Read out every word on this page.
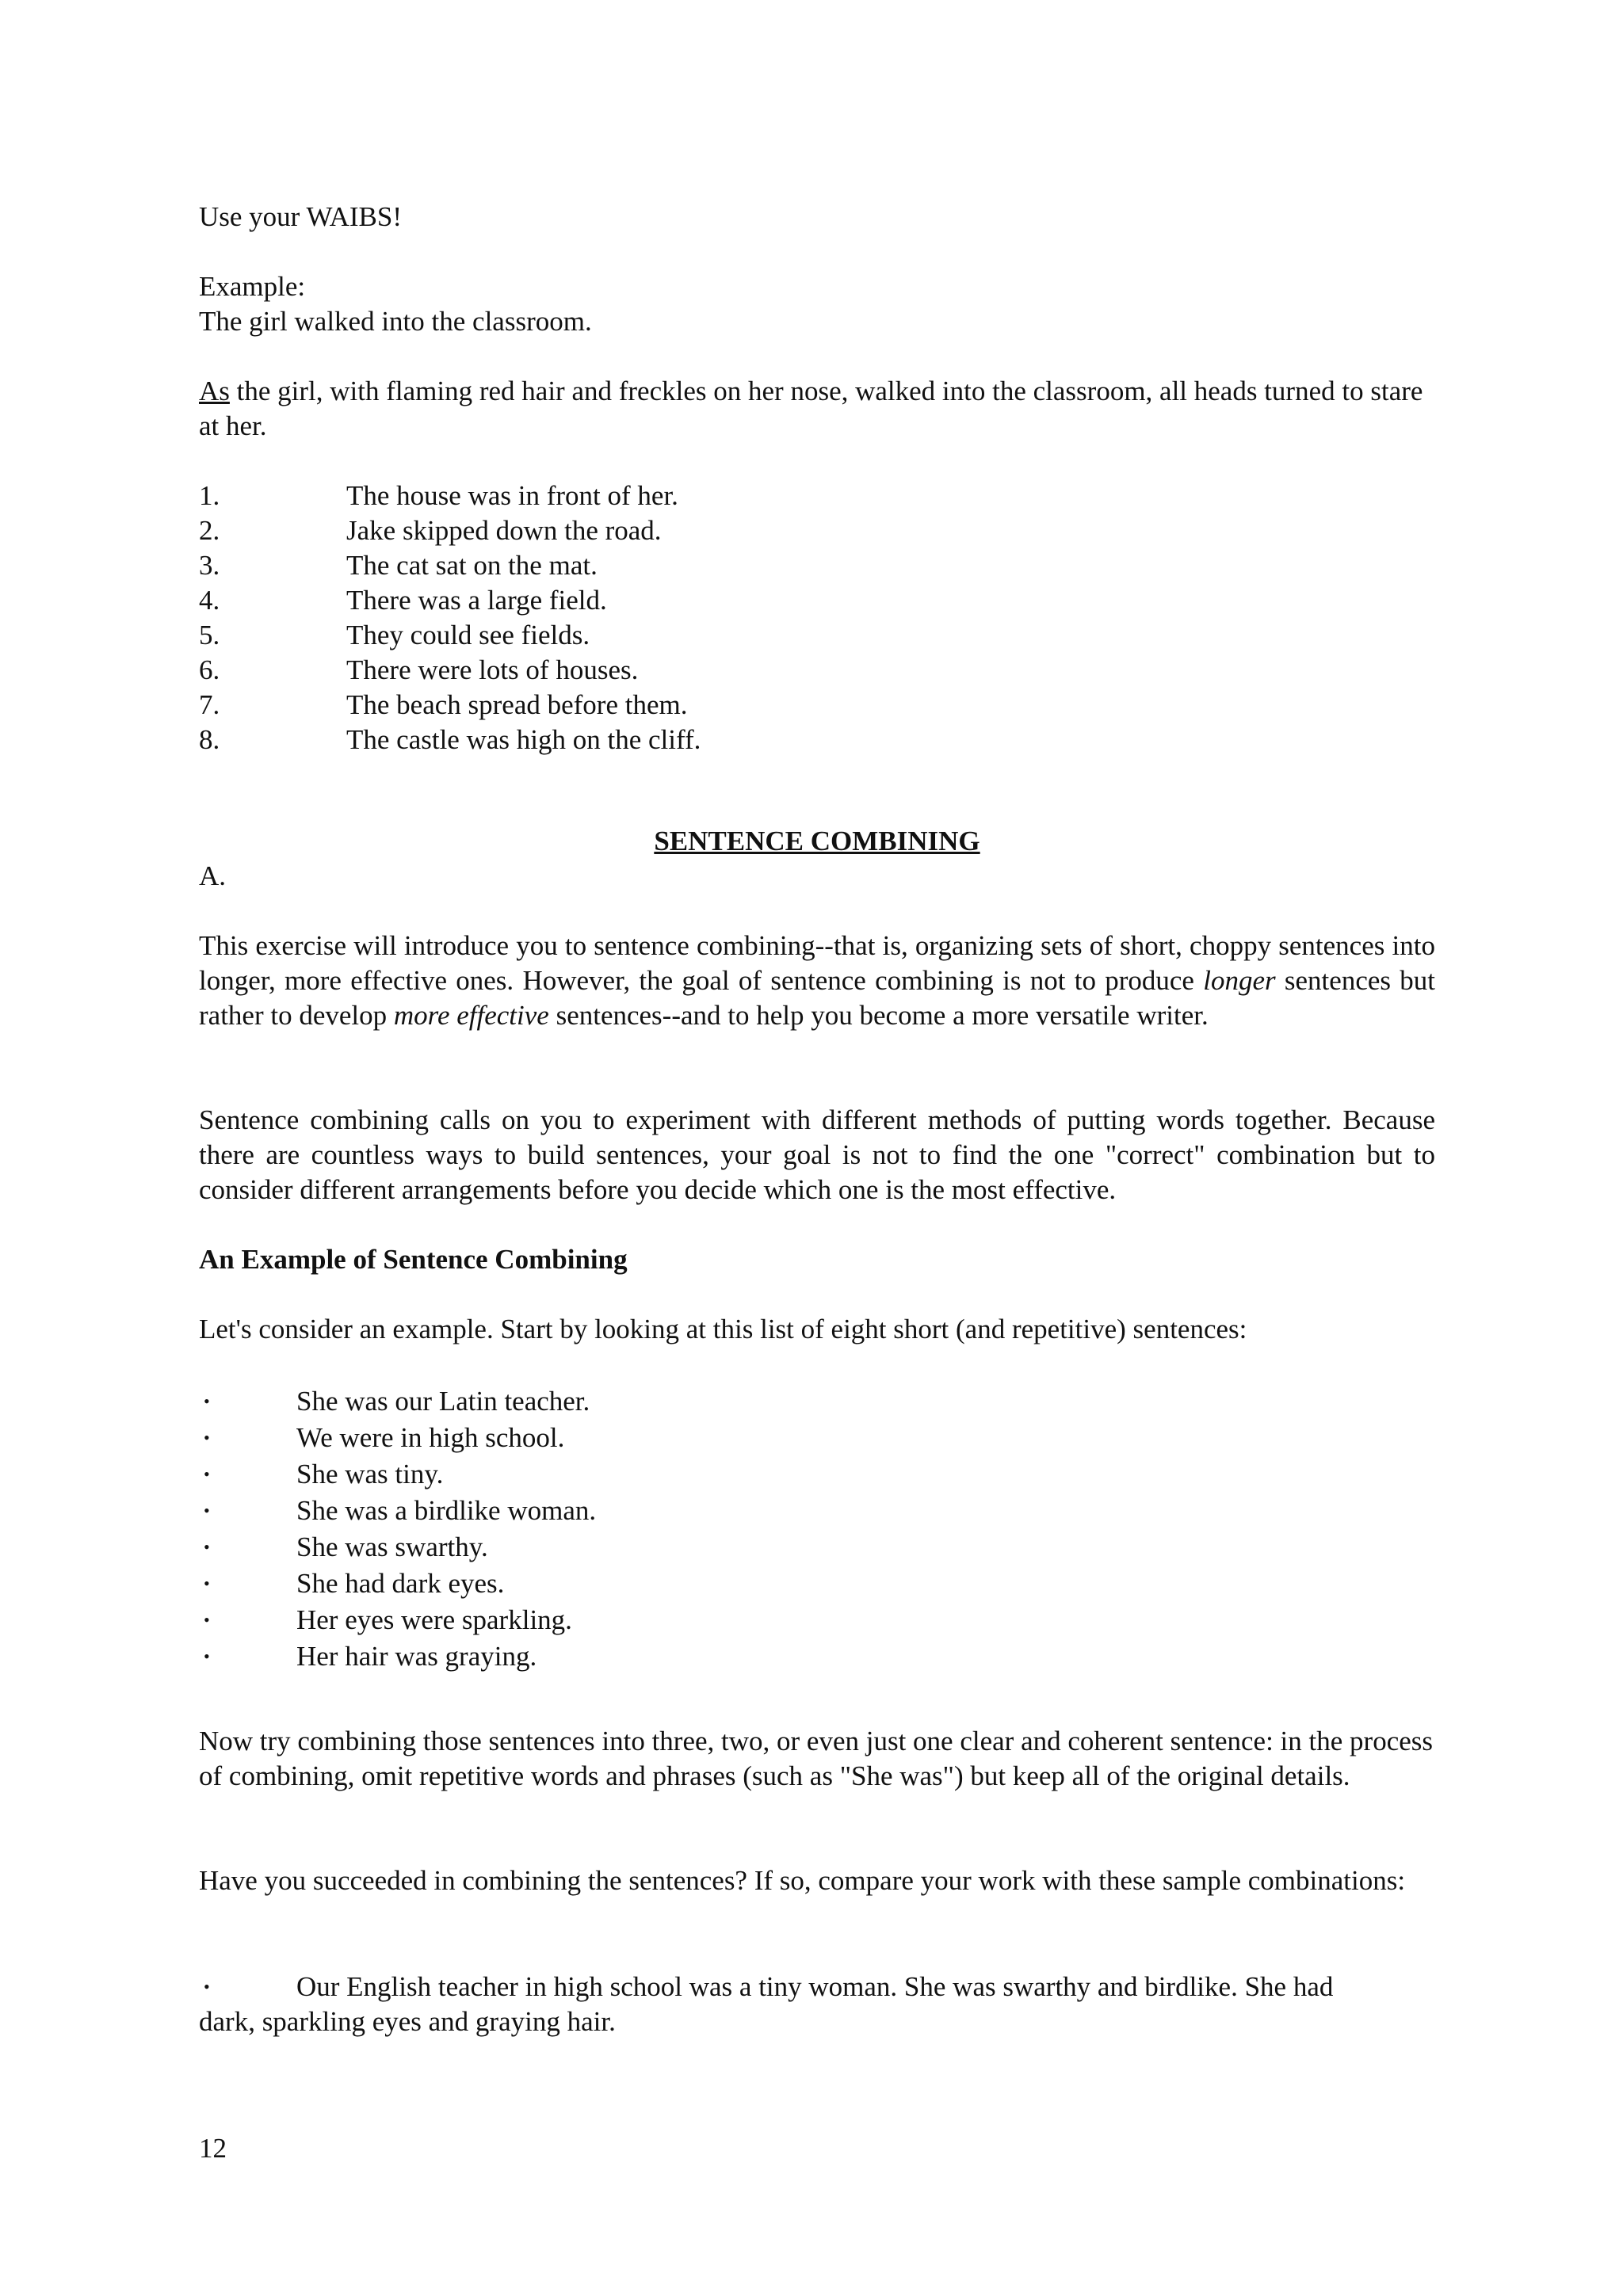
Use your WAIBS!

Example:

The girl walked into the classroom.

As the girl, with flaming red hair and freckles on her nose, walked into the classroom, all heads turned to stare at her.

1.	The house was in front of her.
2.	Jake skipped down the road.
3.	The cat sat on the mat.
4.	There was a large field.
5.	They could see fields.
6.	There were lots of houses.
7.	The beach spread before them.
8.	The castle was high on the cliff.

SENTENCE COMBINING

A.

This exercise will introduce you to sentence combining--that is, organizing sets of short, choppy sentences into longer, more effective ones. However, the goal of sentence combining is not to produce longer sentences but rather to develop more effective sentences--and to help you become a more versatile writer.

Sentence combining calls on you to experiment with different methods of putting words together. Because there are countless ways to build sentences, your goal is not to find the one "correct" combination but to consider different arrangements before you decide which one is the most effective.

An Example of Sentence Combining

Let's consider an example. Start by looking at this list of eight short (and repetitive) sentences:

•	She was our Latin teacher.
•	We were in high school.
•	She was tiny.
•	She was a birdlike woman.
•	She was swarthy.
•	She had dark eyes.
•	Her eyes were sparkling.
•	Her hair was graying.

Now try combining those sentences into three, two, or even just one clear and coherent sentence: in the process of combining, omit repetitive words and phrases (such as "She was") but keep all of the original details.

Have you succeeded in combining the sentences? If so, compare your work with these sample combinations:

•	Our English teacher in high school was a tiny woman. She was swarthy and birdlike. She had
dark, sparkling eyes and graying hair.

12
